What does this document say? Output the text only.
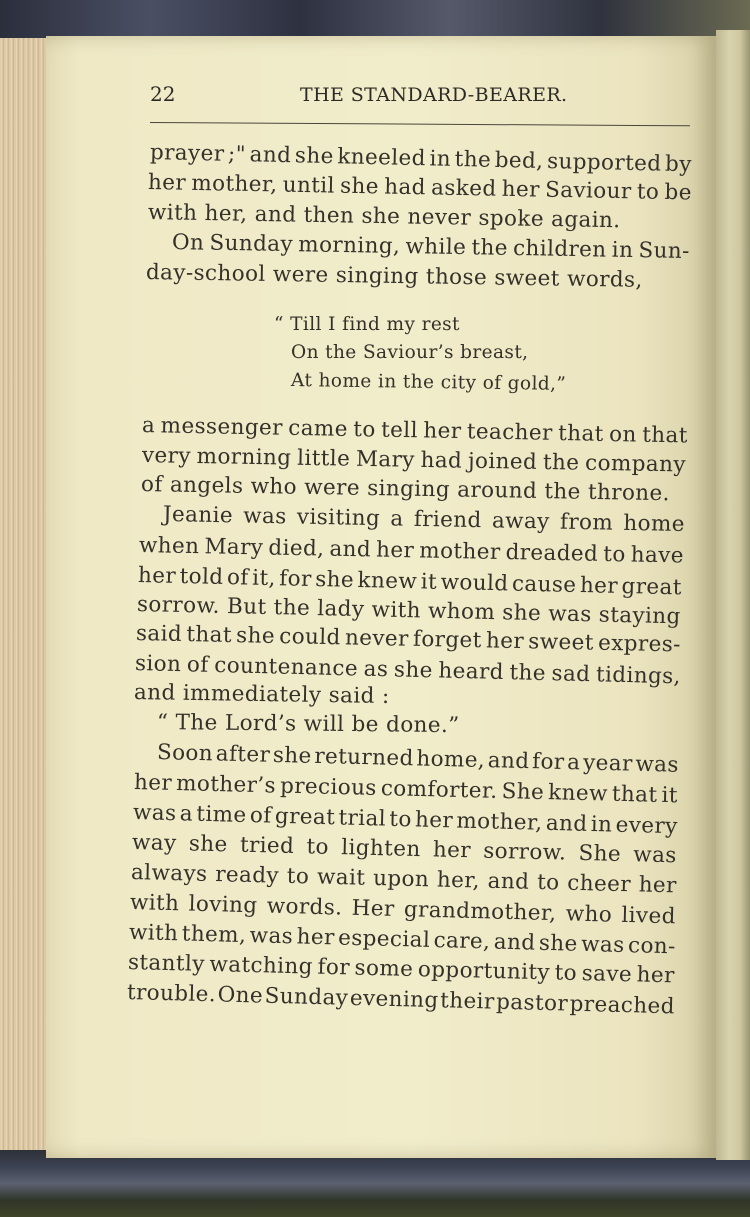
22	THE STANDARD-BEARER.
prayer ;" and she kneeled in the bed, supported by
her mother, until she had asked her Saviour to be
with her, and then she never spoke again.
On Sunday morning, while the children in Sun-
day-school were singing those sweet words,
“ Till I find my rest
On the Saviour’s breast,
At home in the city of gold,”
a messenger came to tell her teacher that on that
very morning little Mary had joined the company
of angels who were singing around the throne.
Jeanie was visiting a friend away from home
when Mary died, and her mother dreaded to have
her told of it, for she knew it would cause her great
sorrow. But the lady with whom she was staying
said that she could never forget her sweet expres-
sion of countenance as she heard the sad tidings,
and immediately said :
“ The Lord’s will be done.”
Soon after she returned home, and for a year was
her mother’s precious comforter. She knew that it
was a time of great trial to her mother, and in every
way she tried to lighten her sorrow. She was
always ready to wait upon her, and to cheer her
with loving words. Her grandmother, who lived
with them, was her especial care, and she was con-
stantly watching for some opportunity to save her
trouble. One Sunday evening their pastor preached
